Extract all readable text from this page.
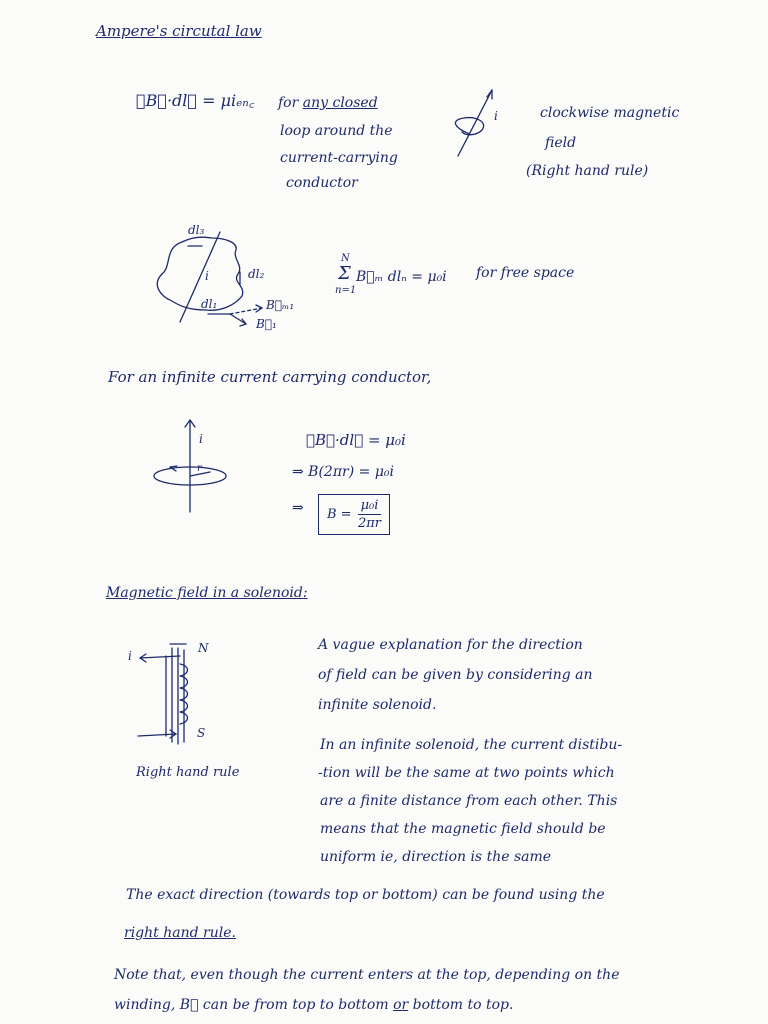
Ampere's circutal law
∮B⃗·dl⃗ = μiₑₙ꜀ for any closed
loop around the
current-carrying
conductor
i	clockwise magnetic
field
(Right hand rule)
dl₃
dl₂
dl₁
i
B⃗ₘ₁
B⃗₁
N
Σ
n=1
B⃗ₘ dlₙ = μ₀i for free space
For an infinite current carrying conductor,
i
r
∮B⃗·dl⃗ = μ₀i
⇒ B(2πr) = μ₀i
⇒ $B = \frac{\text{μ₀i}}{2\pi r}$
Magnetic field in a solenoid:
i
N
S
Right hand rule
A vague explanation for the direction
of field can be given by considering an
infinite solenoid.
In an infinite solenoid, the current distibu-
-tion will be the same at two points which
are a finite distance from each other. This
means that the magnetic field should be
uniform ie, direction is the same
The exact direction (towards top or bottom) can be found using the
right hand rule.
Note that, even though the current enters at the top, depending on the
winding, B⃗ can be from top to bottom or bottom to top.
